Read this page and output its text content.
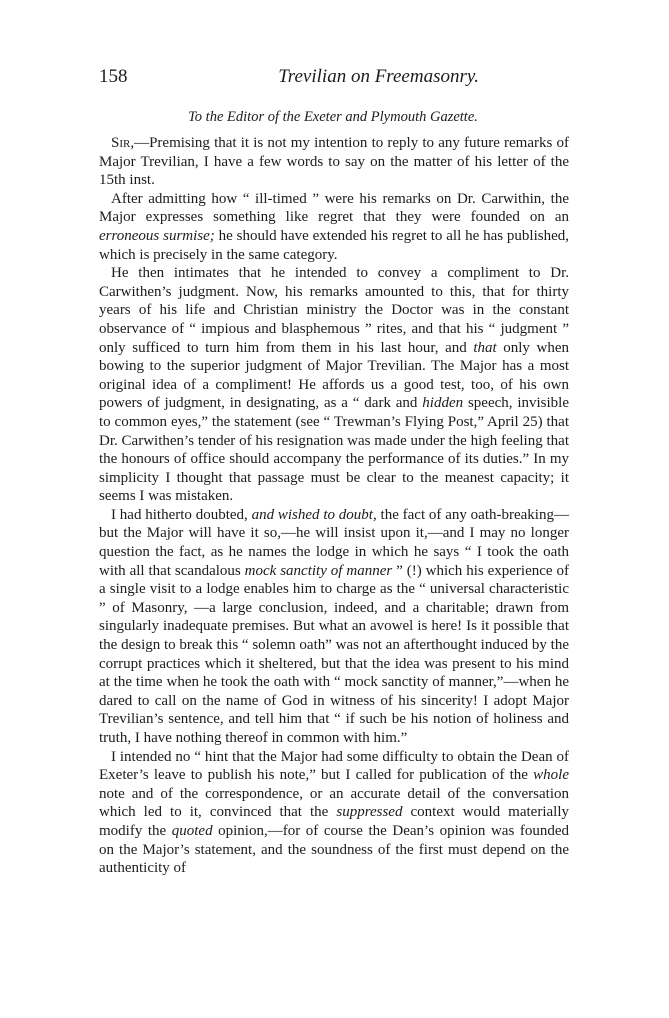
158	Trevilian on Freemasonry.
To the Editor of the Exeter and Plymouth Gazette.

Sir,—Premising that it is not my intention to reply to any future remarks of Major Trevilian, I have a few words to say on the matter of his letter of the 15th inst.

After admitting how “ ill-timed ” were his remarks on Dr. Carwithin, the Major expresses something like regret that they were founded on an erroneous surmise; he should have extended his regret to all he has published, which is precisely in the same category.

He then intimates that he intended to convey a compliment to Dr. Carwithen’s judgment. Now, his remarks amounted to this, that for thirty years of his life and Christian ministry the Doctor was in the constant observance of “ impious and blasphemous ” rites, and that his “ judgment ” only sufficed to turn him from them in his last hour, and that only when bowing to the superior judgment of Major Trevilian. The Major has a most original idea of a compliment! He affords us a good test, too, of his own powers of judgment, in designating, as a “ dark and hidden speech, invisible to common eyes,” the statement (see “ Trewman’s Flying Post,” April 25) that Dr. Carwithen’s tender of his resignation was made under the high feeling that the honours of office should accompany the performance of its duties.” In my simplicity I thought that passage must be clear to the meanest capacity; it seems I was mistaken.

I had hitherto doubted, and wished to doubt, the fact of any oath-breaking—but the Major will have it so,—he will insist upon it,—and I may no longer question the fact, as he names the lodge in which he says “ I took the oath with all that scandalous mock sanctity of manner ” (!) which his experience of a single visit to a lodge enables him to charge as the “ universal characteristic ” of Masonry, —a large conclusion, indeed, and a charitable; drawn from singularly inadequate premises. But what an avowel is here! Is it possible that the design to break this “ solemn oath” was not an afterthought induced by the corrupt practices which it sheltered, but that the idea was present to his mind at the time when he took the oath with “ mock sanctity of manner,”—when he dared to call on the name of God in witness of his sincerity! I adopt Major Trevilian’s sentence, and tell him that “ if such be his notion of holiness and truth, I have nothing thereof in common with him.”

I intended no “ hint that the Major had some difficulty to obtain the Dean of Exeter’s leave to publish his note,” but I called for publication of the whole note and of the correspondence, or an accurate detail of the conversation which led to it, convinced that the suppressed context would materially modify the quoted opinion,—for of course the Dean’s opinion was founded on the Major’s statement, and the soundness of the first must depend on the authenticity of
